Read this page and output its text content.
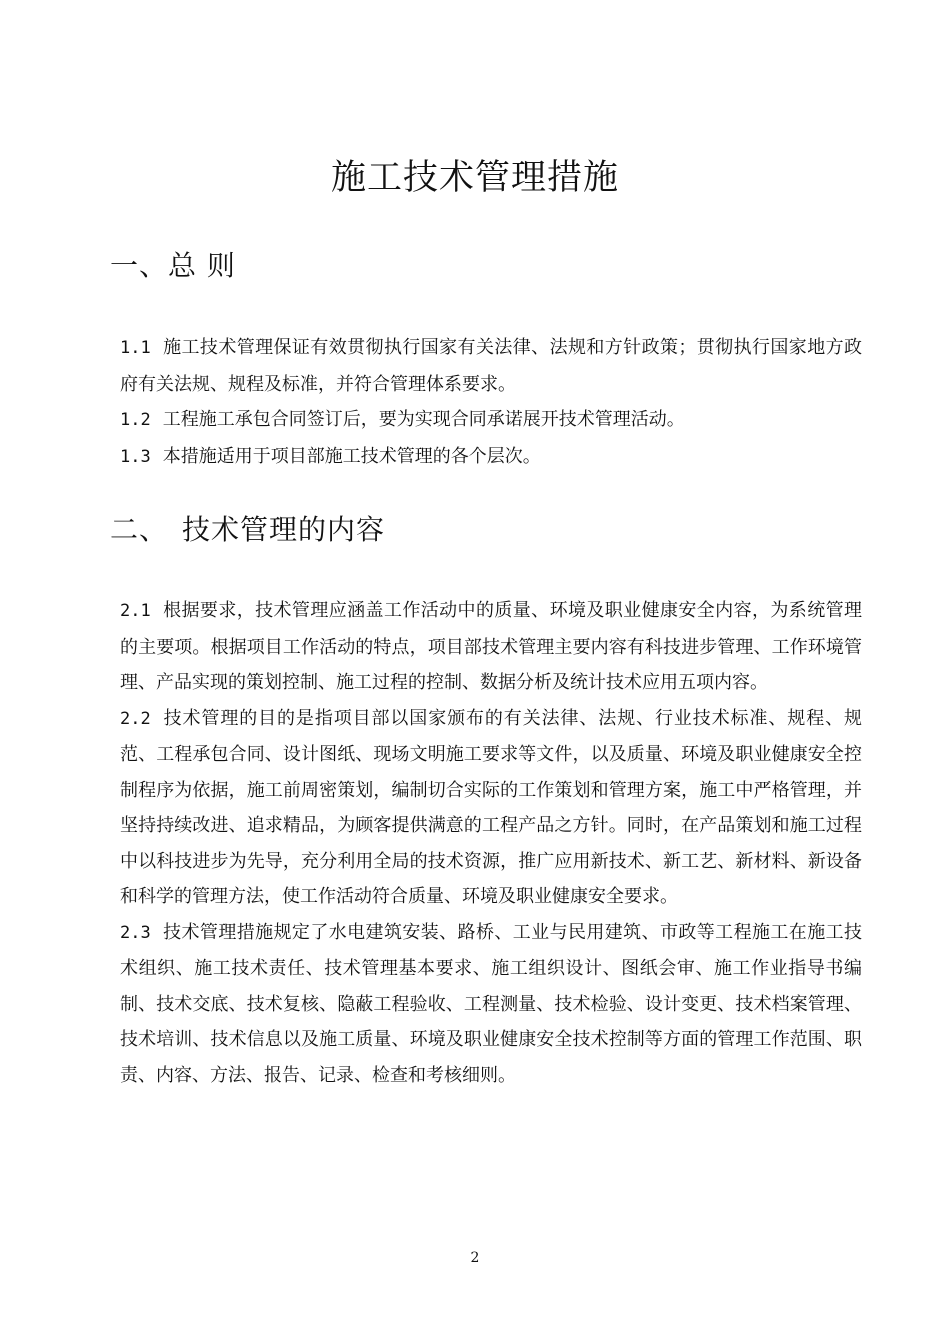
施工技术管理措施
一、总 则

1.1 施工技术管理保证有效贯彻执行国家有关法律、法规和方针政策；贯彻执行国家地方政府有关法规、规程及标准，并符合管理体系要求。

1.2 工程施工承包合同签订后，要为实现合同承诺展开技术管理活动。

1.3 本措施适用于项目部施工技术管理的各个层次。

二、 技术管理的内容

2.1 根据要求，技术管理应涵盖工作活动中的质量、环境及职业健康安全内容，为系统管理的主要项。根据项目工作活动的特点，项目部技术管理主要内容有科技进步管理、工作环境管理、产品实现的策划控制、施工过程的控制、数据分析及统计技术应用五项内容。

2.2 技术管理的目的是指项目部以国家颁布的有关法律、法规、行业技术标准、规程、规范、工程承包合同、设计图纸、现场文明施工要求等文件，以及质量、环境及职业健康安全控制程序为依据，施工前周密策划，编制切合实际的工作策划和管理方案，施工中严格管理，并坚持持续改进、追求精品，为顾客提供满意的工程产品之方针。同时，在产品策划和施工过程中以科技进步为先导，充分利用全局的技术资源，推广应用新技术、新工艺、新材料、新设备和科学的管理方法，使工作活动符合质量、环境及职业健康安全要求。

2.3 技术管理措施规定了水电建筑安装、路桥、工业与民用建筑、市政等工程施工在施工技术组织、施工技术责任、技术管理基本要求、施工组织设计、图纸会审、施工作业指导书编制、技术交底、技术复核、隐蔽工程验收、工程测量、技术检验、设计变更、技术档案管理、技术培训、技术信息以及施工质量、环境及职业健康安全技术控制等方面的管理工作范围、职责、内容、方法、报告、记录、检查和考核细则。

2
